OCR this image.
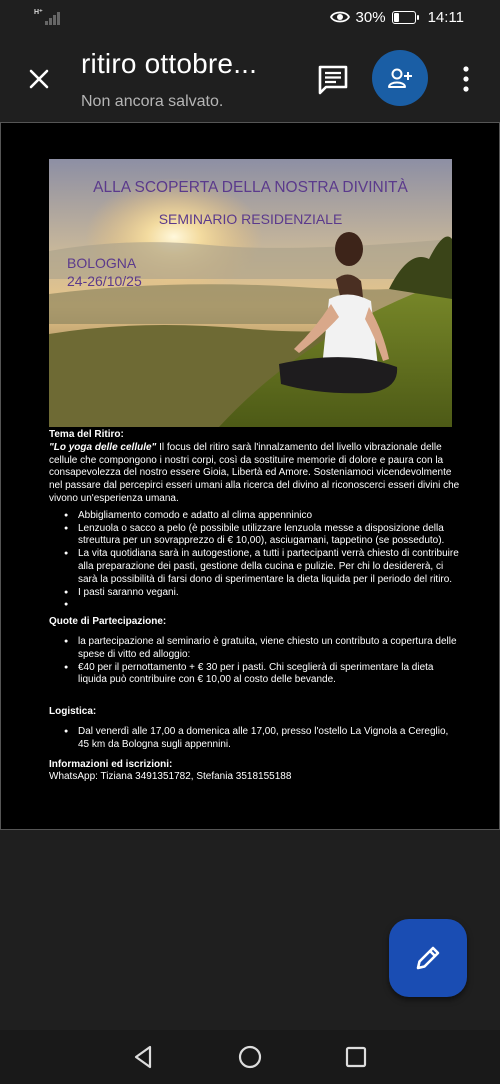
H⁺	30%	14:11
ritiro ottobre...
Non ancora salvato.
ALLA SCOPERTA DELLA NOSTRA DIVINITÀ
SEMINARIO RESIDENZIALE
BOLOGNA
24-26/10/25
Tema del Ritiro:

"Lo yoga delle cellule" Il focus del ritiro sarà l'innalzamento del livello vibrazionale delle cellule che compongono i nostri corpi, così da sostituire memorie di dolore e paura con la consapevolezza del nostro essere Gioia, Libertà ed Amore. Sosteniamoci vicendevolmente nel passare dal percepirci esseri umani alla ricerca del divino al riconoscerci esseri divini che vivono un'esperienza umana.

● Abbigliamento comodo e adatto al clima appenninico
● Lenzuola o sacco a pelo (è possibile utilizzare lenzuola messe a disposizione della streuttura per un sovrapprezzo di € 10,00), asciugamani, tappetino (se posseduto).
● La vita quotidiana sarà in autogestione, a tutti i partecipanti verrà chiesto di contribuire alla preparazione dei pasti, gestione della cucina e pulizie. Per chi lo desidererà, ci sarà la possibilità di farsi dono di sperimentare la dieta liquida per il periodo del ritiro.
● I pasti saranno vegani.
●
Quote di Partecipazione:
● la partecipazione al seminario è gratuita, viene chiesto un contributo a copertura delle spese di vitto ed alloggio:
● €40 per il pernottamento + € 30 per i pasti. Chi sceglierà di sperimentare la dieta liquida può contribuire con € 10,00 al costo delle bevande.
Logistica:
● Dal venerdì alle 17,00 a domenica alle 17,00, presso l'ostello La Vignola a Cereglio, 45 km da Bologna sugli appennini.
Informazioni ed iscrizioni:
WhatsApp: Tiziana 3491351782, Stefania 3518155188
